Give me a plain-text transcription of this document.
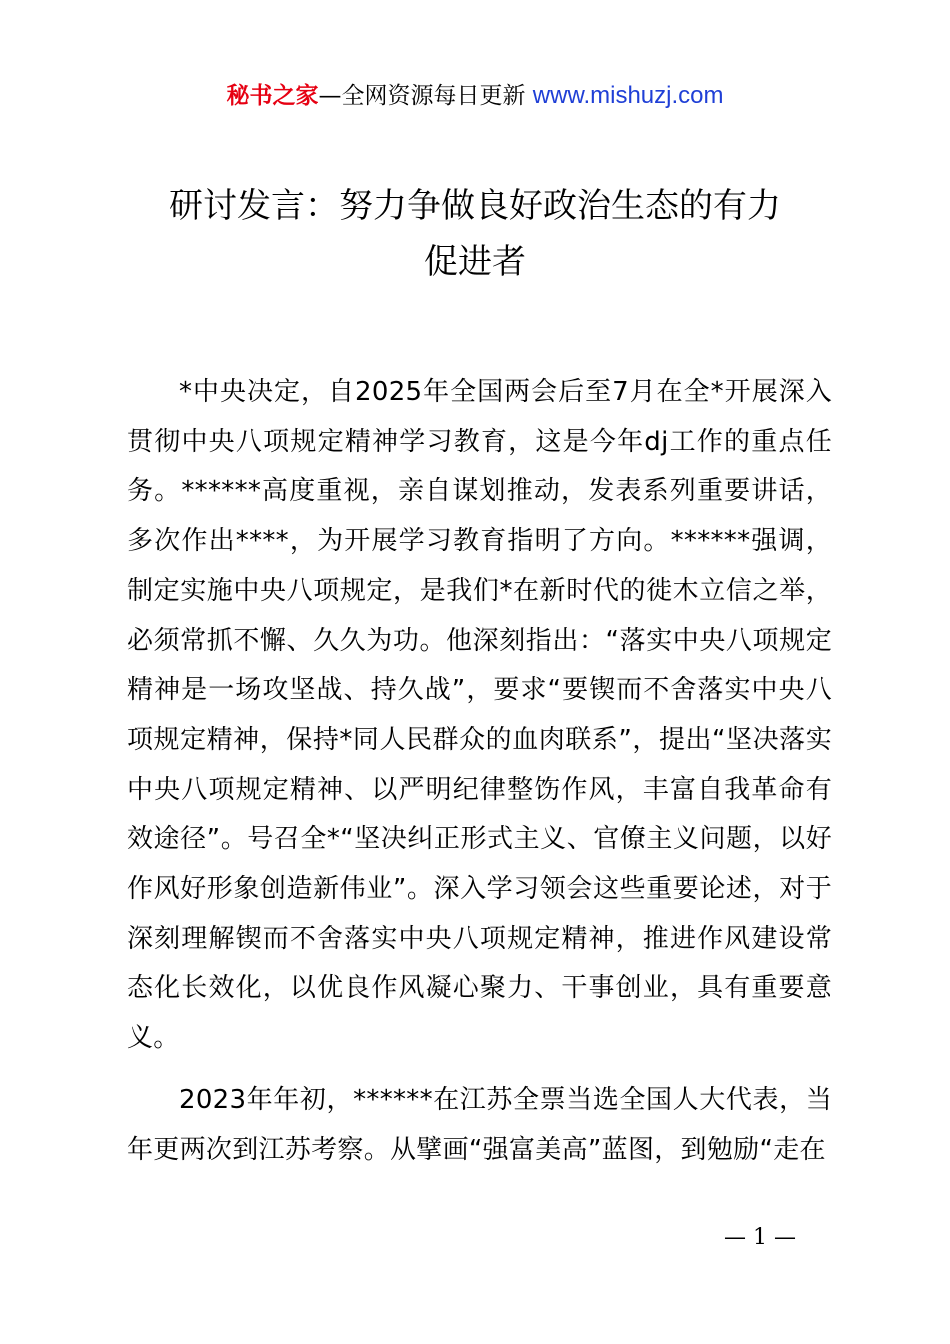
秘书之家—全网资源每日更新 www.mishuzj.com
研讨发言：努力争做良好政治生态的有力
促进者

*中央决定，自2025年全国两会后至7月在全*开展深入贯彻中央八项规定精神学习教育，这是今年dj工作的重点任务。******高度重视，亲自谋划推动，发表系列重要讲话，多次作出****，为开展学习教育指明了方向。******强调，制定实施中央八项规定，是我们*在新时代的徙木立信之举，必须常抓不懈、久久为功。他深刻指出：“落实中央八项规定精神是一场攻坚战、持久战”，要求“要锲而不舍落实中央八项规定精神，保持*同人民群众的血肉联系”，提出“坚决落实中央八项规定精神、以严明纪律整饬作风，丰富自我革命有效途径”。号召全*“坚决纠正形式主义、官僚主义问题，以好作风好形象创造新伟业”。深入学习领会这些重要论述，对于深刻理解锲而不舍落实中央八项规定精神，推进作风建设常态化长效化，以优良作风凝心聚力、干事创业，具有重要意义。

2023年年初，******在江苏全票当选全国人大代表，当年更两次到江苏考察。从擘画“强富美高”蓝图，到勉励“走在

— 1 —
